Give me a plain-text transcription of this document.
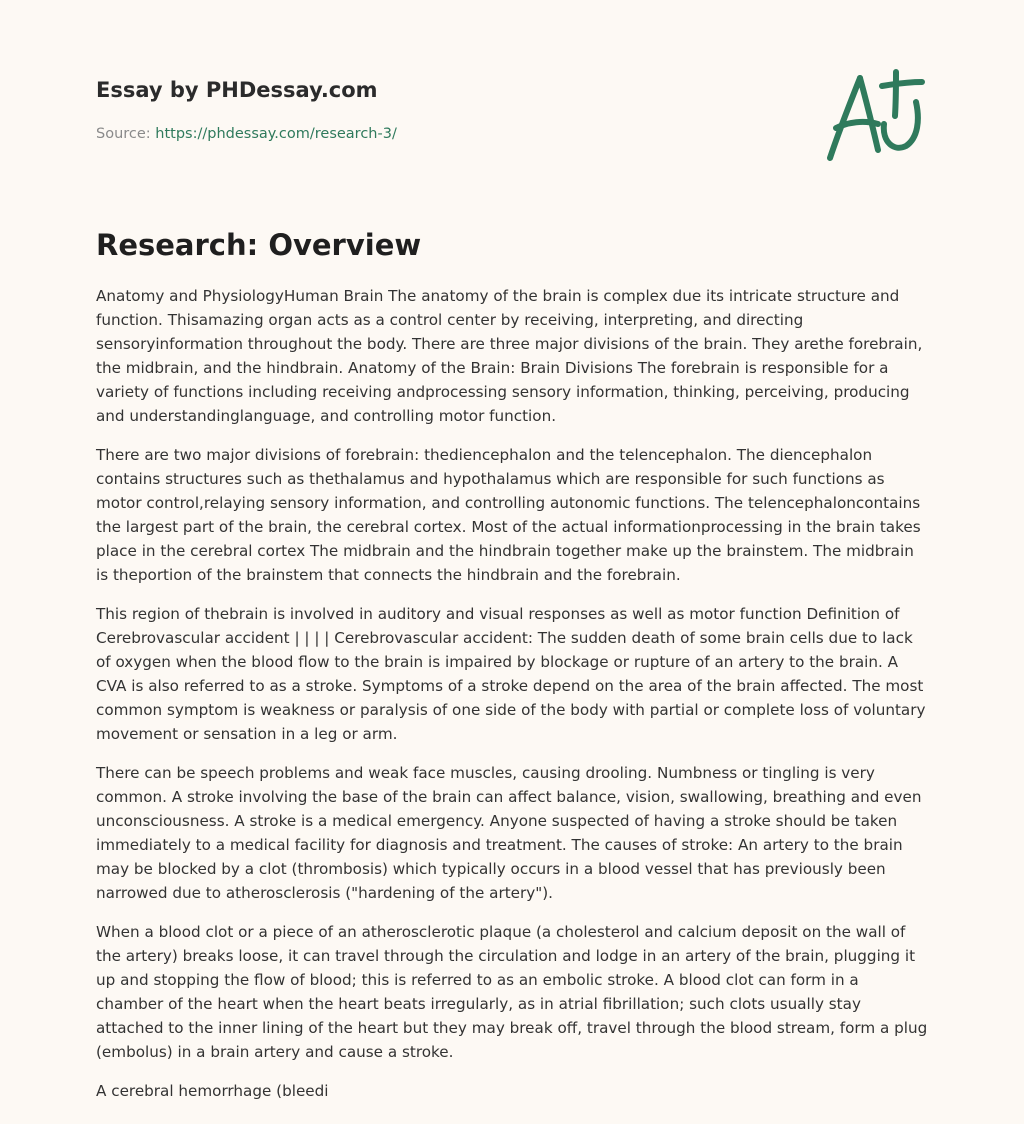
Essay by PHDessay.com
Source: https://phdessay.com/research-3/
Research: Overview

Anatomy and PhysiologyHuman Brain The anatomy of the brain is complex due its intricate structure and function. Thisamazing organ acts as a control center by receiving, interpreting, and directing sensoryinformation throughout the body. There are three major divisions of the brain. They arethe forebrain, the midbrain, and the hindbrain. Anatomy of the Brain: Brain Divisions The forebrain is responsible for a variety of functions including receiving andprocessing sensory information, thinking, perceiving, producing and understandinglanguage, and controlling motor function.

There are two major divisions of forebrain: thediencephalon and the telencephalon. The diencephalon contains structures such as thethalamus and hypothalamus which are responsible for such functions as motor control,relaying sensory information, and controlling autonomic functions. The telencephaloncontains the largest part of the brain, the cerebral cortex. Most of the actual informationprocessing in the brain takes place in the cerebral cortex The midbrain and the hindbrain together make up the brainstem. The midbrain is theportion of the brainstem that connects the hindbrain and the forebrain.

This region of thebrain is involved in auditory and visual responses as well as motor function Definition of Cerebrovascular accident | | | | Cerebrovascular accident: The sudden death of some brain cells due to lack of oxygen when the blood flow to the brain is impaired by blockage or rupture of an artery to the brain. A CVA is also referred to as a stroke. Symptoms of a stroke depend on the area of the brain affected. The most common symptom is weakness or paralysis of one side of the body with partial or complete loss of voluntary movement or sensation in a leg or arm.

There can be speech problems and weak face muscles, causing drooling. Numbness or tingling is very common. A stroke involving the base of the brain can affect balance, vision, swallowing, breathing and even unconsciousness. A stroke is a medical emergency. Anyone suspected of having a stroke should be taken immediately to a medical facility for diagnosis and treatment. The causes of stroke: An artery to the brain may be blocked by a clot (thrombosis) which typically occurs in a blood vessel that has previously been narrowed due to atherosclerosis ("hardening of the artery").

When a blood clot or a piece of an atherosclerotic plaque (a cholesterol and calcium deposit on the wall of the artery) breaks loose, it can travel through the circulation and lodge in an artery of the brain, plugging it up and stopping the flow of blood; this is referred to as an embolic stroke. A blood clot can form in a chamber of the heart when the heart beats irregularly, as in atrial fibrillation; such clots usually stay attached to the inner lining of the heart but they may break off, travel through the blood stream, form a plug (embolus) in a brain artery and cause a stroke.

A cerebral hemorrhage (bleedi
